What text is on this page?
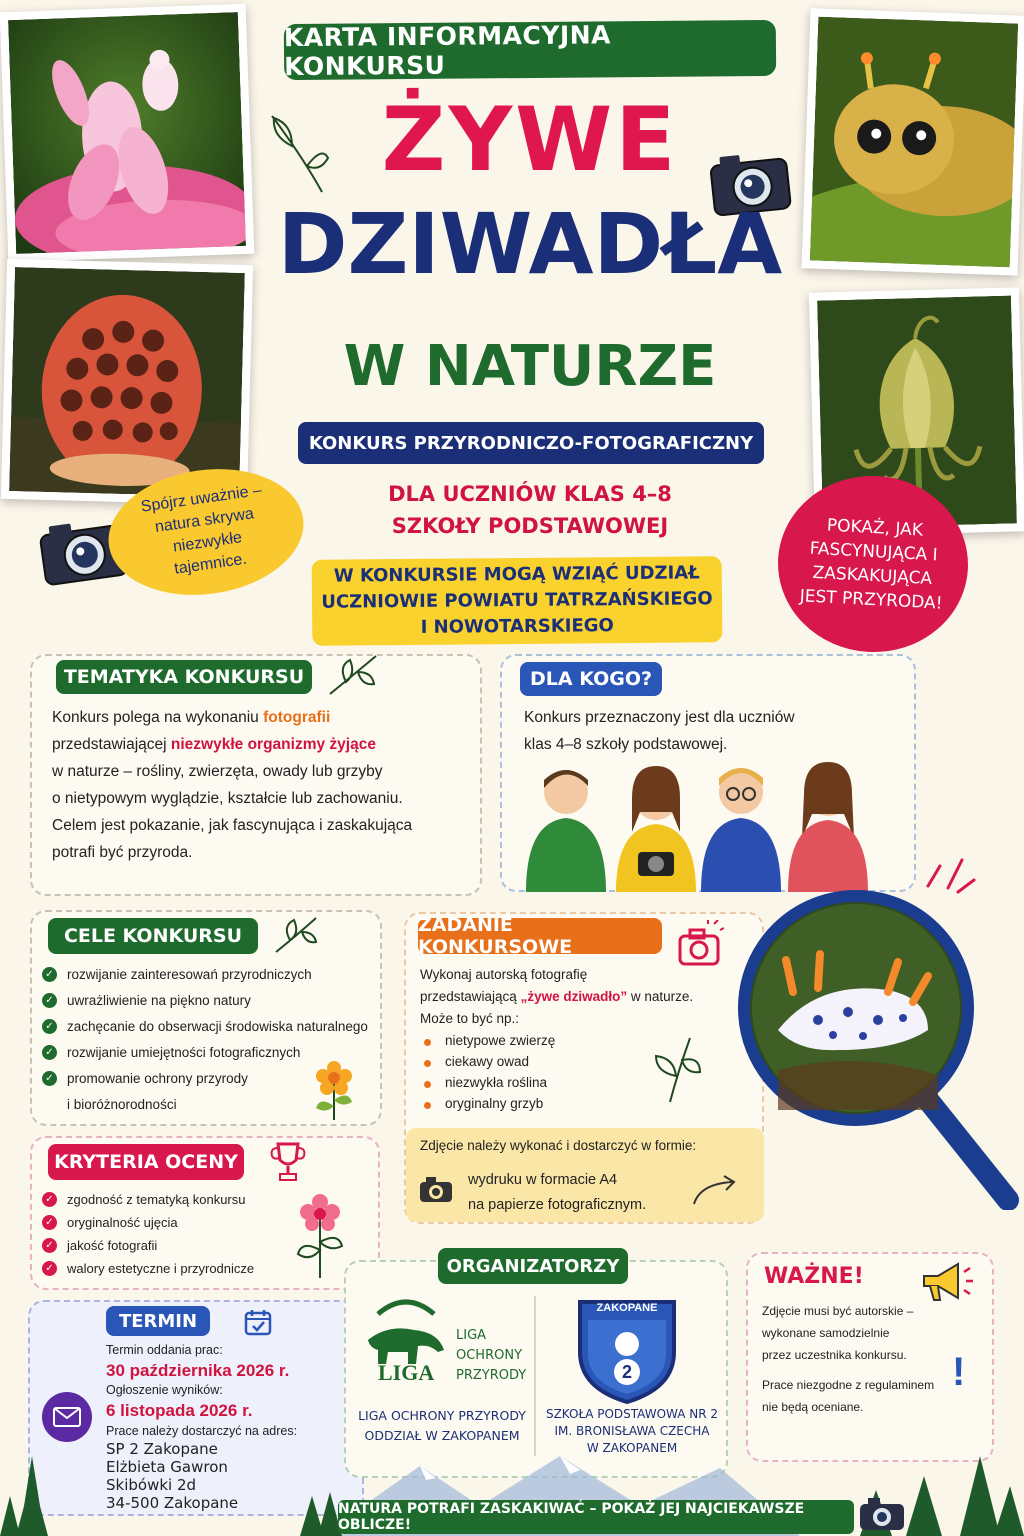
KARTA INFORMACYJNA KONKURSU
ŻYWE
DZIWADŁA
W NATURZE
KONKURS PRZYRODNICZO-FOTOGRAFICZNY
DLA UCZNIÓW KLAS 4–8
SZKOŁY PODSTAWOWEJ
W KONKURSIE MOGĄ WZIĄĆ UDZIAŁ
UCZNIOWIE POWIATU TATRZAŃSKIEGO
I NOWOTARSKIEGO
Spójrz uważnie – natura skrywa niezwykłe tajemnice.
POKAŻ, JAK FASCYNUJĄCA I ZASKAKUJĄCA JEST PRZYRODA!
TEMATYKA KONKURSU
Konkurs polega na wykonaniu fotografii
przedstawiającej niezwykłe organizmy żyjące
w naturze – rośliny, zwierzęta, owady lub grzyby
o nietypowym wyglądzie, kształcie lub zachowaniu.
Celem jest pokazanie, jak fascynująca i zaskakująca
potrafi być przyroda.
DLA KOGO?
Konkurs przeznaczony jest dla uczniów
klas 4–8 szkoły podstawowej.
CELE KONKURSU
✓ rozwijanie zainteresowań przyrodniczych
✓ uwrażliwienie na piękno natury
✓ zachęcanie do obserwacji środowiska naturalnego
✓ rozwijanie umiejętności fotograficznych
✓ promowanie ochrony przyrody
i bioróżnorodności
ZADANIE KONKURSOWE
Wykonaj autorską fotografię
przedstawiającą „żywe dziwadło” w naturze.
Może to być np.:
nietypowe zwierzę
ciekawy owad
niezwykła roślina
oryginalny grzyb
Zdjęcie należy wykonać i dostarczyć w formie:
wydruku w formacie A4
na papierze fotograficznym.
KRYTERIA OCENY
✓ zgodność z tematyką konkursu
✓ oryginalność ujęcia
✓ jakość fotografii
✓ walory estetyczne i przyrodnicze
TERMIN
Termin oddania prac:
30 października 2026 r.
Ogłoszenie wyników:
6 listopada 2026 r.
Prace należy dostarczyć na adres:
SP 2 Zakopane
Elżbieta Gawron
Skibówki 2d
34-500 Zakopane
ORGANIZATORZY
LIGA
LIGA
OCHRONY
PRZYRODY
LIGA OCHRONY PRZYRODY
ODDZIAŁ W ZAKOPANEM
ZAKOPANE
2
SZKOŁA PODSTAWOWA NR 2
IM. BRONISŁAWA CZECHA
W ZAKOPANEM
WAŻNE!
Zdjęcie musi być autorskie –
wykonane samodzielnie
przez uczestnika konkursu.
Prace niezgodne z regulaminem
nie będą oceniane.
!
NATURA POTRAFI ZASKAKIWAĆ – POKAŻ JEJ NAJCIEKAWSZE OBLICZE!
